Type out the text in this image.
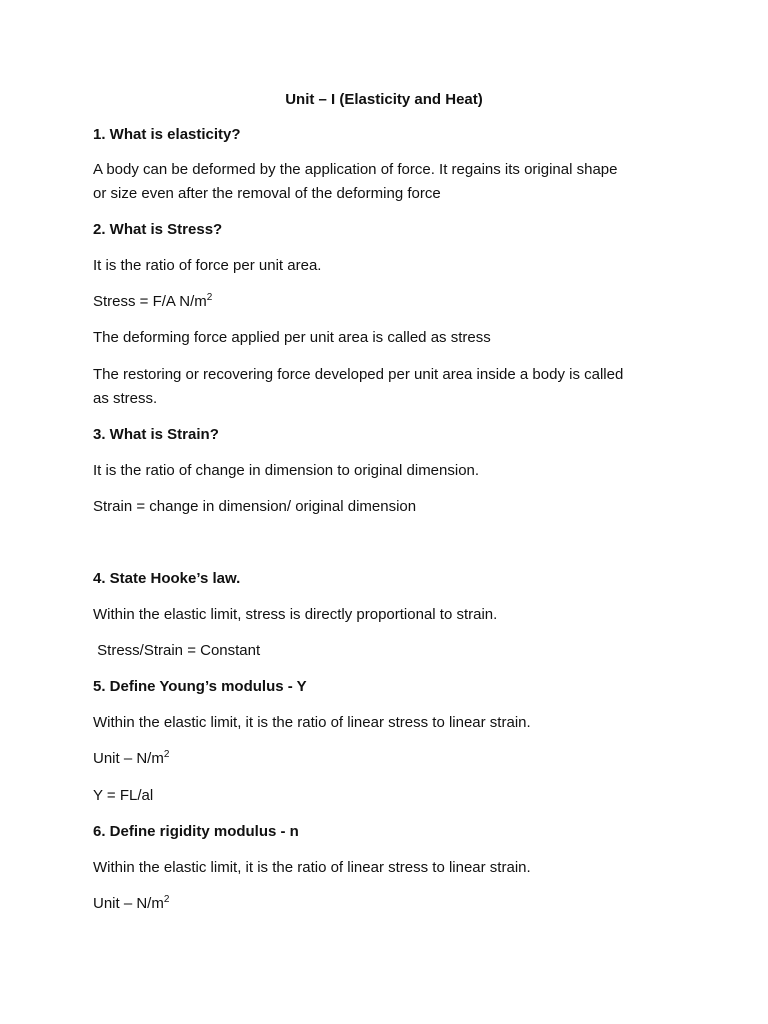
Unit – I (Elasticity and Heat)
1. What is elasticity?
A body can be deformed by the application of force. It regains its original shape
or size even after the removal of the deforming force
2. What is Stress?
It is the ratio of force per unit area.
Stress = F/A $N/m^2$
The deforming force applied per unit area is called as stress
The restoring or recovering force developed per unit area inside a body is called
as stress.
3. What is Strain?
It is the ratio of change in dimension to original dimension.
Strain = change in dimension/ original dimension
4. State Hooke’s law.
Within the elastic limit, stress is directly proportional to strain.
Stress/Strain = Constant
5. Define Young’s modulus - Y
Within the elastic limit, it is the ratio of linear stress to linear strain.
Unit – $N/m^2$
Y = FL/al
6. Define rigidity modulus - n
Within the elastic limit, it is the ratio of linear stress to linear strain.
Unit – $N/m^2$
